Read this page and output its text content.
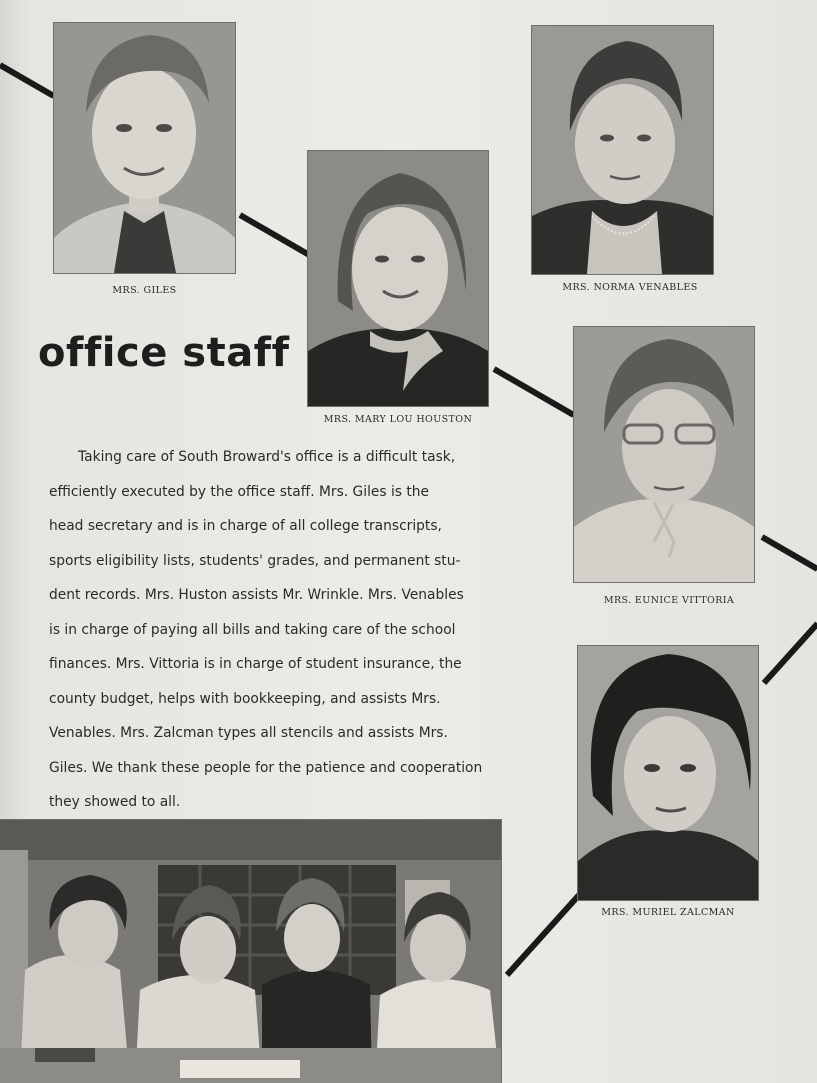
MRS. GILES	MRS. NORMA VENABLES
MRS. MARY LOU HOUSTON
office staff
MRS. EUNICE VITTORIA
MRS. MURIEL ZALCMAN
Taking care of South Broward's office is a difficult task,
efficiently executed by the office staff. Mrs. Giles is the
head secretary and is in charge of all college transcripts,
sports eligibility lists, students' grades, and permanent stu-
dent records. Mrs. Huston assists Mr. Wrinkle. Mrs. Venables
is in charge of paying all bills and taking care of the school
finances. Mrs. Vittoria is in charge of student insurance, the
county budget, helps with bookkeeping, and assists Mrs.
Venables. Mrs. Zalcman types all stencils and assists Mrs.
Giles. We thank these people for the patience and cooperation
they showed to all.
